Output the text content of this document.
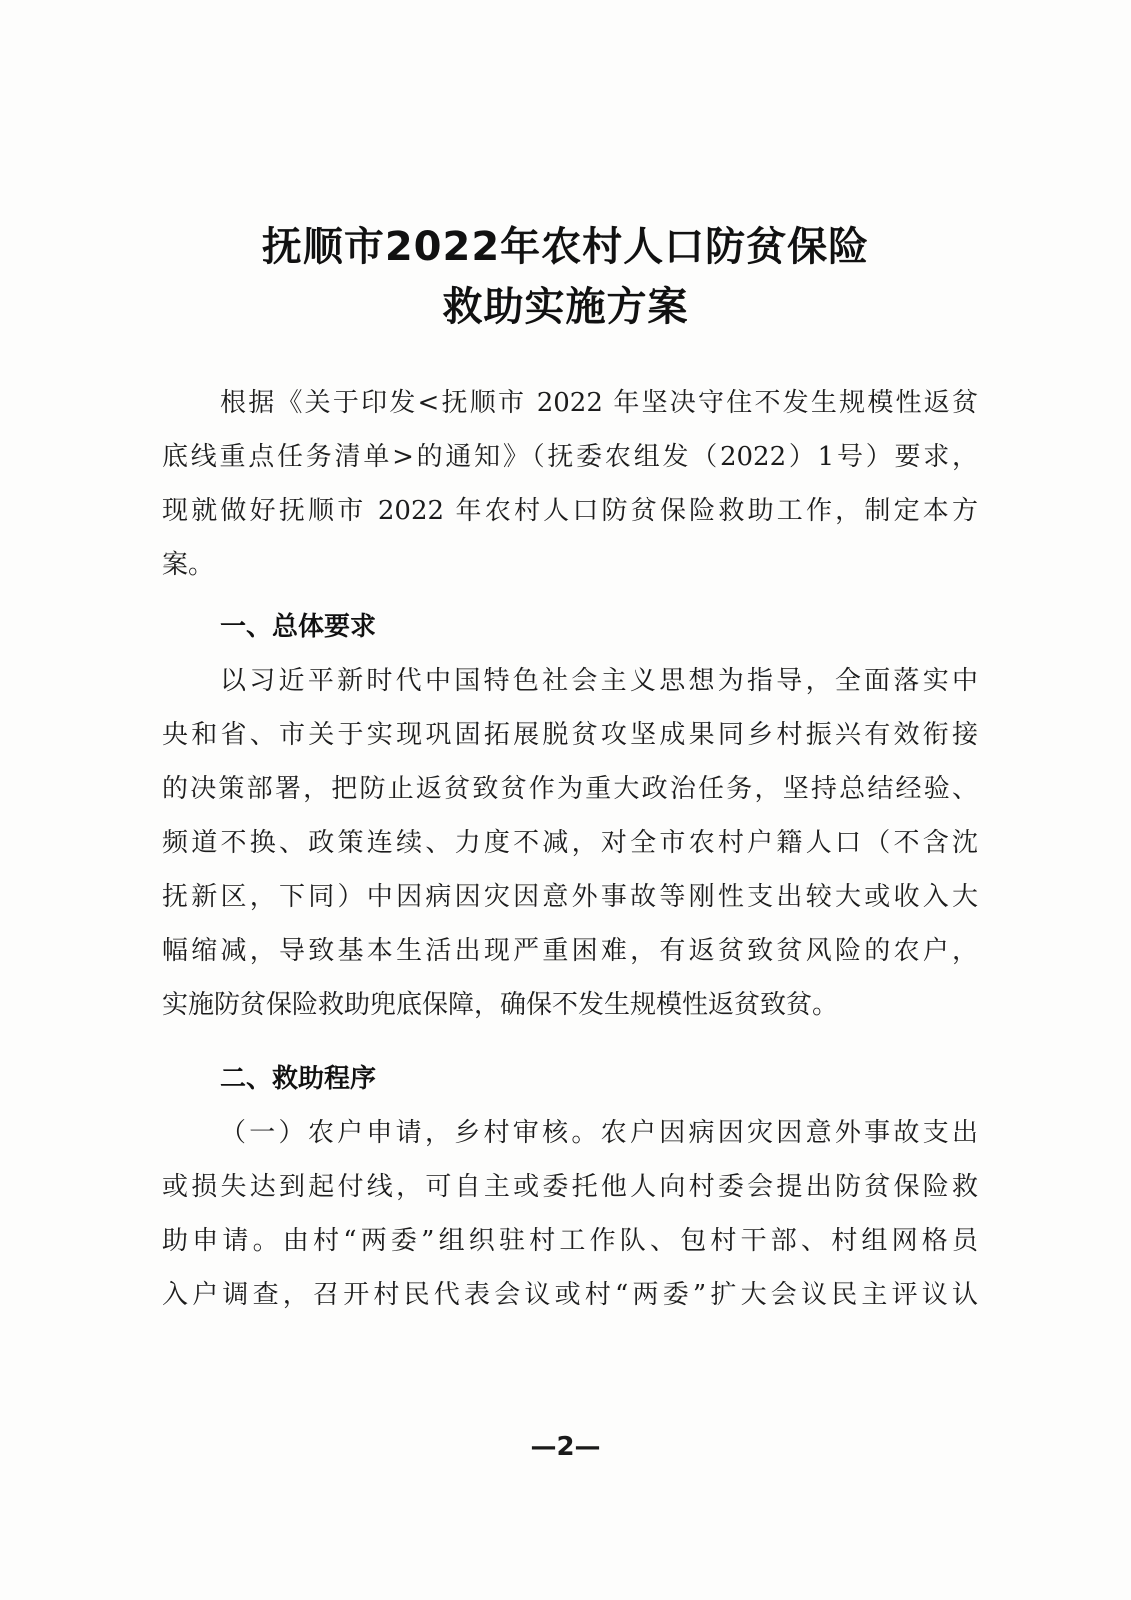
抚顺市2022年农村人口防贫保险
救助实施方案
根据《关于印发<抚顺市 2022 年坚决守住不发生规模性返贫
底线重点任务清单>的通知》（抚委农组发（2022）1号）要求，
现就做好抚顺市 2022 年农村人口防贫保险救助工作，制定本方
案。
一、总体要求
以习近平新时代中国特色社会主义思想为指导，全面落实中
央和省、市关于实现巩固拓展脱贫攻坚成果同乡村振兴有效衔接
的决策部署，把防止返贫致贫作为重大政治任务，坚持总结经验、
频道不换、政策连续、力度不减，对全市农村户籍人口（不含沈
抚新区，下同）中因病因灾因意外事故等刚性支出较大或收入大
幅缩减，导致基本生活出现严重困难，有返贫致贫风险的农户，
实施防贫保险救助兜底保障，确保不发生规模性返贫致贫。
二、救助程序
（一）农户申请，乡村审核。农户因病因灾因意外事故支出
或损失达到起付线，可自主或委托他人向村委会提出防贫保险救
助申请。由村“两委”组织驻村工作队、包村干部、村组网格员
入户调查，召开村民代表会议或村“两委”扩大会议民主评议认
—2—
